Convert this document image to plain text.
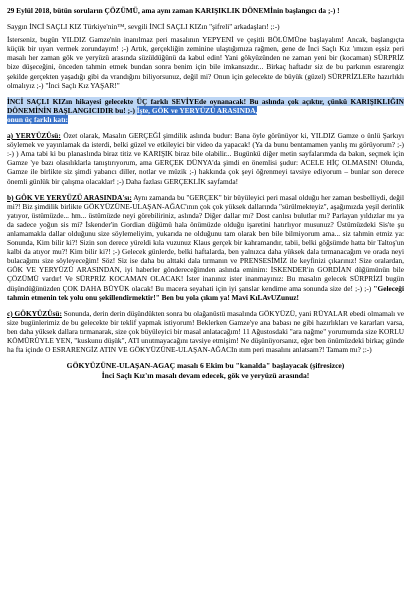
29 Eylül 2018, bütün soruların ÇÖZÜMÜ, ama aynı zaman KARIŞIKLIK DÖNEMİnin başlangıcı da ;-) !

Saygın İNCİ SAÇLI KIZ Türkiye'nin™, sevgili İNCİ SAÇLI KIZın "şifreli" arkadaşları! ;:-)

İsterseniz, bugün YILDIZ Gamze'nin inanılmaz peri masalının YEPYENİ ve çeşitli BÖLÜMÜne başlayalım! Ancak, başlangıçta küçük bir uyarı vermek zorundayım! ;-) Artık, gerçekliğin zeminine ulaştığımıza rağmen, gene de İnci Saçlı Kız 'ımızın eşsiz peri masalı her zaman gök ve yeryüzü arasında süzüldüğünü da kabul edin! Yani gökyüzünden ne zaman yeni bir (kocaman) SÜRPRİZ bize düşeceğini, önceden tahmin etmek bundan sonra benim için bile imkansızdır... Birkaç haftadır siz de bu parkının esrarengiz şekilde gerçekten yaşadığı gibi da vrandığını biliyorsunuz, değil mi? Onun için gelecekte de büyük (güzel) SÜRPRİZLERe hazırlıklı olmalıyız ;-) "İnci Saçlı Kız YAŞAR!"

İNCİ SAÇLI KIZın hikayesi gelecekte ÜÇ farklı SEVİYEde oynanacak! Bu aslında çok açıktır, çünkü KARIŞIKLIĞIN DÖNEMİNİN BAŞLANGICIDIR bu! ;-) İşte, GÖK ve YERYÜZÜ ARASINDA,
onun üç farklı katı:

a) YERYÜZÜsü: Özet olarak, Masalın GERÇEĞİ şimdilik aslında budur: Bana öyle görünüyor ki, YILDIZ Gamze o ünlü Şarkıyı söylemek ve yayınlamak da isterdi, belki güzel ve etkileyici bir video da yapacak! (Ya da bunu bentamamen yanlış mı görüyorum? ;-) :-) ) Ama tabi ki bu planaslında biraz titiz ve KARIŞIK biraz bile olabilir... Bugünkü diğer metin sayfalarımda da bakın, seçmek için Gamze 'ye bazı olasılıklarla tanıştırıyorum, ama GERÇEK DÜNYA'da şimdi en önemlisi şudur: ACELE HİÇ OLMASIN! Olunda, Gamze ile birlikte siz şimdi yabancı diller, notlar ve müzik ;-) hakkında çok şeyi öğrenmeyi tavsiye ediyorum – bunlar son derece önemli günlük bir çalışma olacaklar! ;-) Daha fazlası GERÇEKLİK sayfamda!

b) GÖK VE YERYÜZÜ ARASINDA'sı: Aynı zamanda bu "GERÇEK" bir büyüleyici peri masal olduğu her zaman besbelliydi, değil mi?! Biz şimdilik birlikte GÖKYÜZÜNE-ULAŞAN-AĞAC'ının çok çok yüksek dallarında "sürülmekteyiz", aşağımızda yeşil derinlik yatıyor, üstümüzde... hm... üstümüzde neyi görebiliriniz, aslında? Diğer dallar mı? Dost canlısı bulutlar mı? Parlayan yıldızlar mı ya da sadece yoğun sis mi? İskender'in Gordian düğümü hala önümüzde olduğu işaretini hatırlıyor musunuz? Üstümüzdeki Sis'te şu anlamamakla dallar olduğunu size söylemeliyim, yukarıda ne olduğunu tam olarak ben bile bilmiyorum ama... siz tahmin etmiz ya: Sonunda, Kim bilir ki?! Sizin son derece yüreldi kıla vuzunuz Klaus gerçek bir kahramandır, tabii, belki göğsümde hatta bir Taltoş'un kalbi da atıyor mu?! Kim bilir ki?! ;-) Gelecek günlerde, belki haftalarda, ben yalnızca daha yüksek dala tırmanacağım ve orada neyi bulacağımı size söyleyeceğim! Söz! Siz ise daha bu alttaki dala tırmanın ve PRENSESİMİZ ile keyfinizi çıkarınız! Size oralardan, GÖK VE YERYÜZÜ ARASINDAN, iyi haberler göndereceğimden aslında eminim: İSKENDER'in GORDİAN düğümünün bile ÇÖZÜMÜ vardır! Ve SÜRPRİZ KOCAMAN OLACAK! İster inanınız ister inanmayınız: Bu masalın gelecek SÜRPRİZİ bugün düşündüğünüzden ÇOK DAHA BÜYÜK olacak! Bu macera seyahati için iyi şanslar kendime ama sonunda size de! ;-) ;-) "Geleceği tahmin etmenin tek yolu onu şekillendirmektir!" Ben bu yola çıkım ya! Mavi KıLAvUZunuz!

c) GÖKYÜZÜsü: Sonunda, derin derin düşündükten sonra bu olağanüstü masalında GÖKYÜZÜ, yani RÜYALAR ebedi olmamalı ve size bugünlerimiz de bu gelecekte bir teklif yapmak istiyorum! Beklerken Gamze'ye ana babası ne gibi hazırlıkları ve kararları varsa, ben daha yüksek dallara tırmanarak, size çok büyüleyici bir masal anlatacağım! 11 Ağustosdaki "ara nağme" yorumumda size KORLU KÖMÜRÜYLE YEN, "kuskunu düşük", ATI unutmayacağını tavsiye etmişim! Ne düşünüyorsanız, eğer ben önümüzdeki birkaç günde ha fta içinde O ESRARENGİZ ATIN VE GÖKYÜZÜNE-ULAŞAN-AĞACIn ıtım peri masalını anlatsam?! Tamam mı? ;:-)

GÖKYÜZÜNE-ULAŞAN-AGAÇ masalı 6 Ekim bu "kanalda" başlayacak (şifresizce)

İnci Saçlı Kız'ın masalı devam edecek, gök ve yeryüzü arasında!
